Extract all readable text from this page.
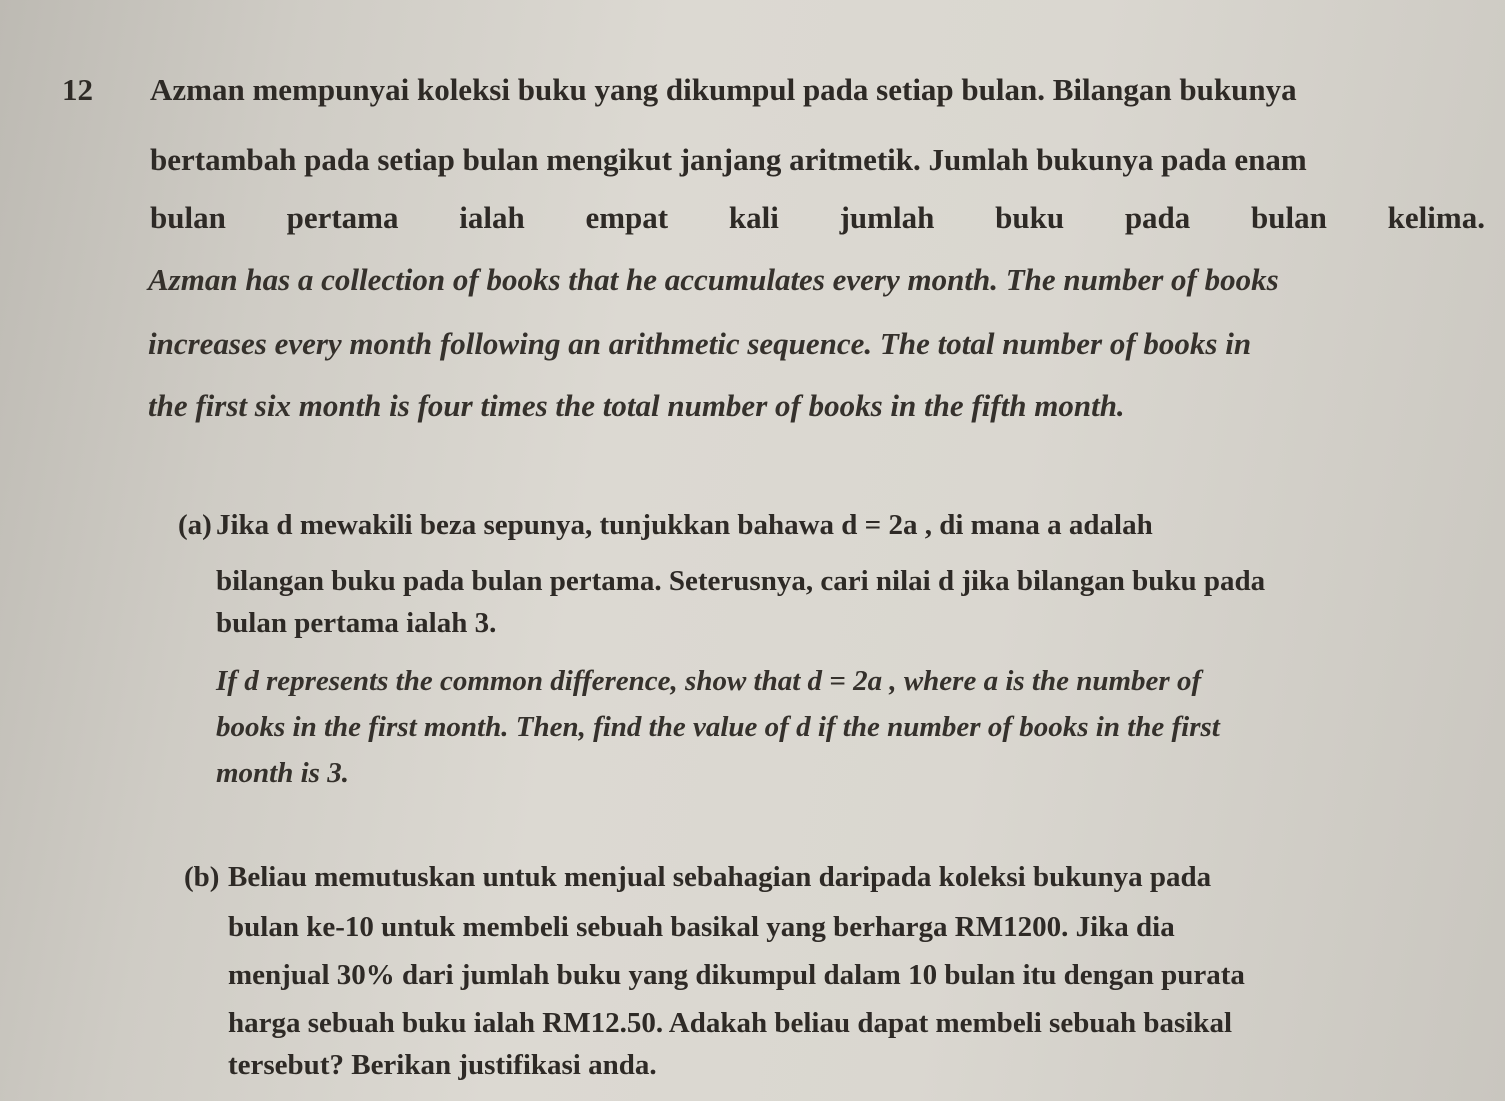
12 Azman mempunyai koleksi buku yang dikumpul pada setiap bulan. Bilangan bukunya
bertambah pada setiap bulan mengikut janjang aritmetik. Jumlah bukunya pada enam
bulan pertama ialah empat kali jumlah buku pada bulan kelima.
Azman has a collection of books that he accumulates every month. The number of books
increases every month following an arithmetic sequence. The total number of books in
the first six month is four times the total number of books in the fifth month.
(a) Jika d mewakili beza sepunya, tunjukkan bahawa d = 2a , di mana a adalah
bilangan buku pada bulan pertama. Seterusnya, cari nilai d jika bilangan buku pada
bulan pertama ialah 3.
If d represents the common difference, show that d = 2a , where a is the number of
books in the first month. Then, find the value of d if the number of books in the first
month is 3.
(b) Beliau memutuskan untuk menjual sebahagian daripada koleksi bukunya pada
bulan ke-10 untuk membeli sebuah basikal yang berharga RM1200. Jika dia
menjual 30% dari jumlah buku yang dikumpul dalam 10 bulan itu dengan purata
harga sebuah buku ialah RM12.50. Adakah beliau dapat membeli sebuah basikal
tersebut? Berikan justifikasi anda.
